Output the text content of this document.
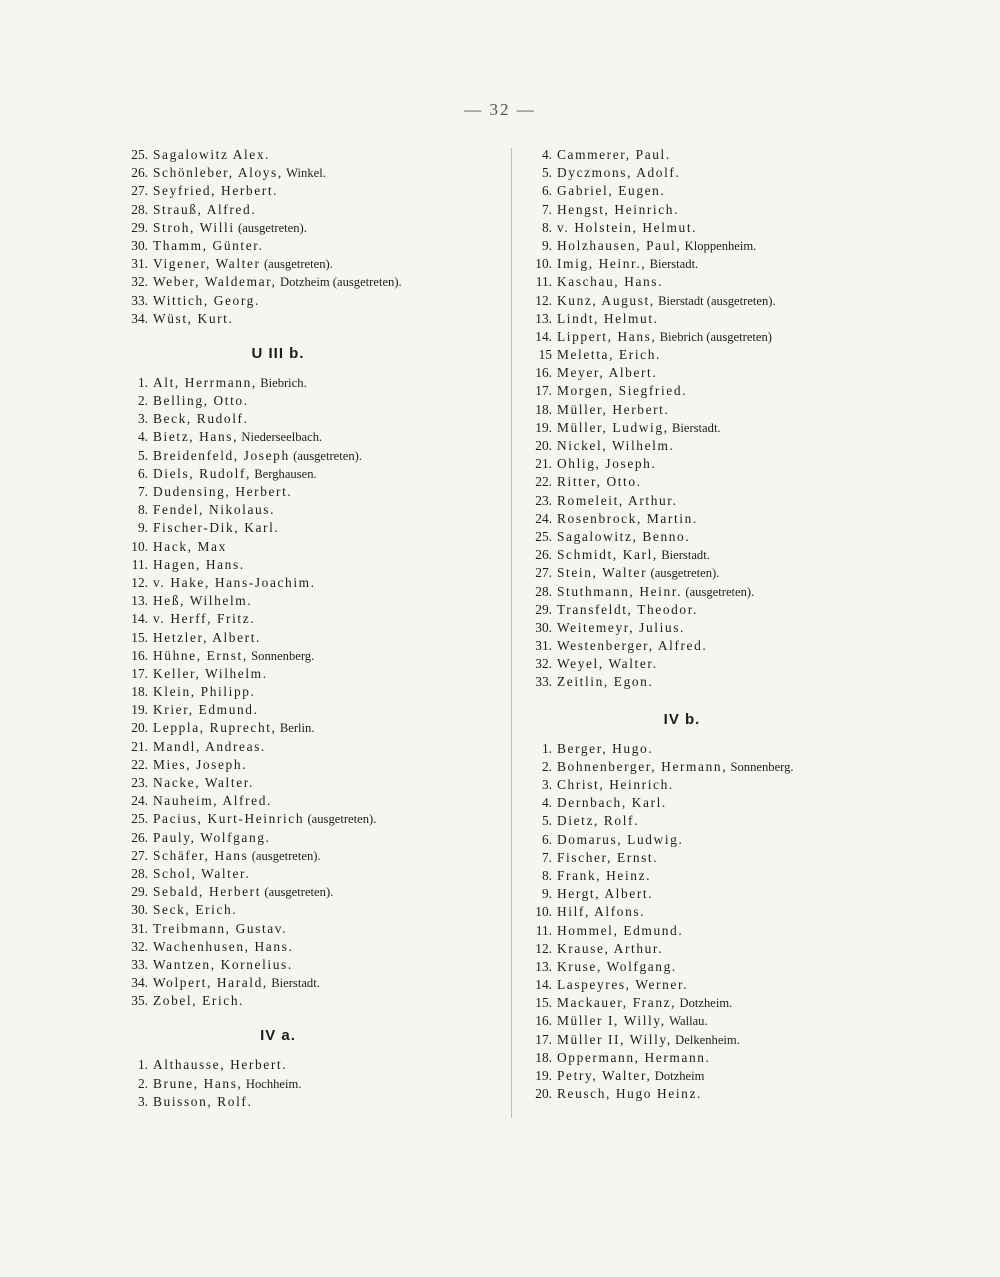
— 32 —
25. Sagalowitz Alex.
26. Schönleber, Aloys, Winkel.
27. Seyfried, Herbert.
28. Strauß, Alfred.
29. Stroh, Willi (ausgetreten).
30. Thamm, Günter.
31. Vigener, Walter (ausgetreten).
32. Weber, Waldemar, Dotzheim (ausgetreten).
33. Wittich, Georg.
34. Wüst, Kurt.
U III b.
1. Alt, Herrmann, Biebrich.
2. Belling, Otto.
3. Beck, Rudolf.
4. Bietz, Hans, Niederseelbach.
5. Breidenfeld, Joseph (ausgetreten).
6. Diels, Rudolf, Berghausen.
7. Dudensing, Herbert.
8. Fendel, Nikolaus.
9. Fischer-Dik, Karl.
10. Hack, Max
11. Hagen, Hans.
12. v. Hake, Hans-Joachim.
13. Heß, Wilhelm.
14. v. Herff, Fritz.
15. Hetzler, Albert.
16. Hühne, Ernst, Sonnenberg.
17. Keller, Wilhelm.
18. Klein, Philipp.
19. Krier, Edmund.
20. Leppla, Ruprecht, Berlin.
21. Mandl, Andreas.
22. Mies, Joseph.
23. Nacke, Walter.
24. Nauheim, Alfred.
25. Pacius, Kurt-Heinrich (ausgetreten).
26. Pauly, Wolfgang.
27. Schäfer, Hans (ausgetreten).
28. Schol, Walter.
29. Sebald, Herbert (ausgetreten).
30. Seck, Erich.
31. Treibmann, Gustav.
32. Wachenhusen, Hans.
33. Wantzen, Kornelius.
34. Wolpert, Harald, Bierstadt.
35. Zobel, Erich.
IV a.
1. Althausse, Herbert.
2. Brune, Hans, Hochheim.
3. Buisson, Rolf.
4. Cammerer, Paul.
5. Dyczmons, Adolf.
6. Gabriel, Eugen.
7. Hengst, Heinrich.
8. v. Holstein, Helmut.
9. Holzhausen, Paul, Kloppenheim.
10. Imig, Heinr., Bierstadt.
11. Kaschau, Hans.
12. Kunz, August, Bierstadt (ausgetreten).
13. Lindt, Helmut.
14. Lippert, Hans, Biebrich (ausgetreten)
15 Meletta, Erich.
16. Meyer, Albert.
17. Morgen, Siegfried.
18. Müller, Herbert.
19. Müller, Ludwig, Bierstadt.
20. Nickel, Wilhelm.
21. Ohlig, Joseph.
22. Ritter, Otto.
23. Romeleit, Arthur.
24. Rosenbrock, Martin.
25. Sagalowitz, Benno.
26. Schmidt, Karl, Bierstadt.
27. Stein, Walter (ausgetreten).
28. Stuthmann, Heinr. (ausgetreten).
29. Transfeldt, Theodor.
30. Weitemeyr, Julius.
31. Westenberger, Alfred.
32. Weyel, Walter.
33. Zeitlin, Egon.
IV b.
1. Berger, Hugo.
2. Bohnenberger, Hermann, Sonnenberg.
3. Christ, Heinrich.
4. Dernbach, Karl.
5. Dietz, Rolf.
6. Domarus, Ludwig.
7. Fischer, Ernst.
8. Frank, Heinz.
9. Hergt, Albert.
10. Hilf, Alfons.
11. Hommel, Edmund.
12. Krause, Arthur.
13. Kruse, Wolfgang.
14. Laspeyres, Werner.
15. Mackauer, Franz, Dotzheim.
16. Müller I, Willy, Wallau.
17. Müller II, Willy, Delkenheim.
18. Oppermann, Hermann.
19. Petry, Walter, Dotzheim
20. Reusch, Hugo Heinz.
